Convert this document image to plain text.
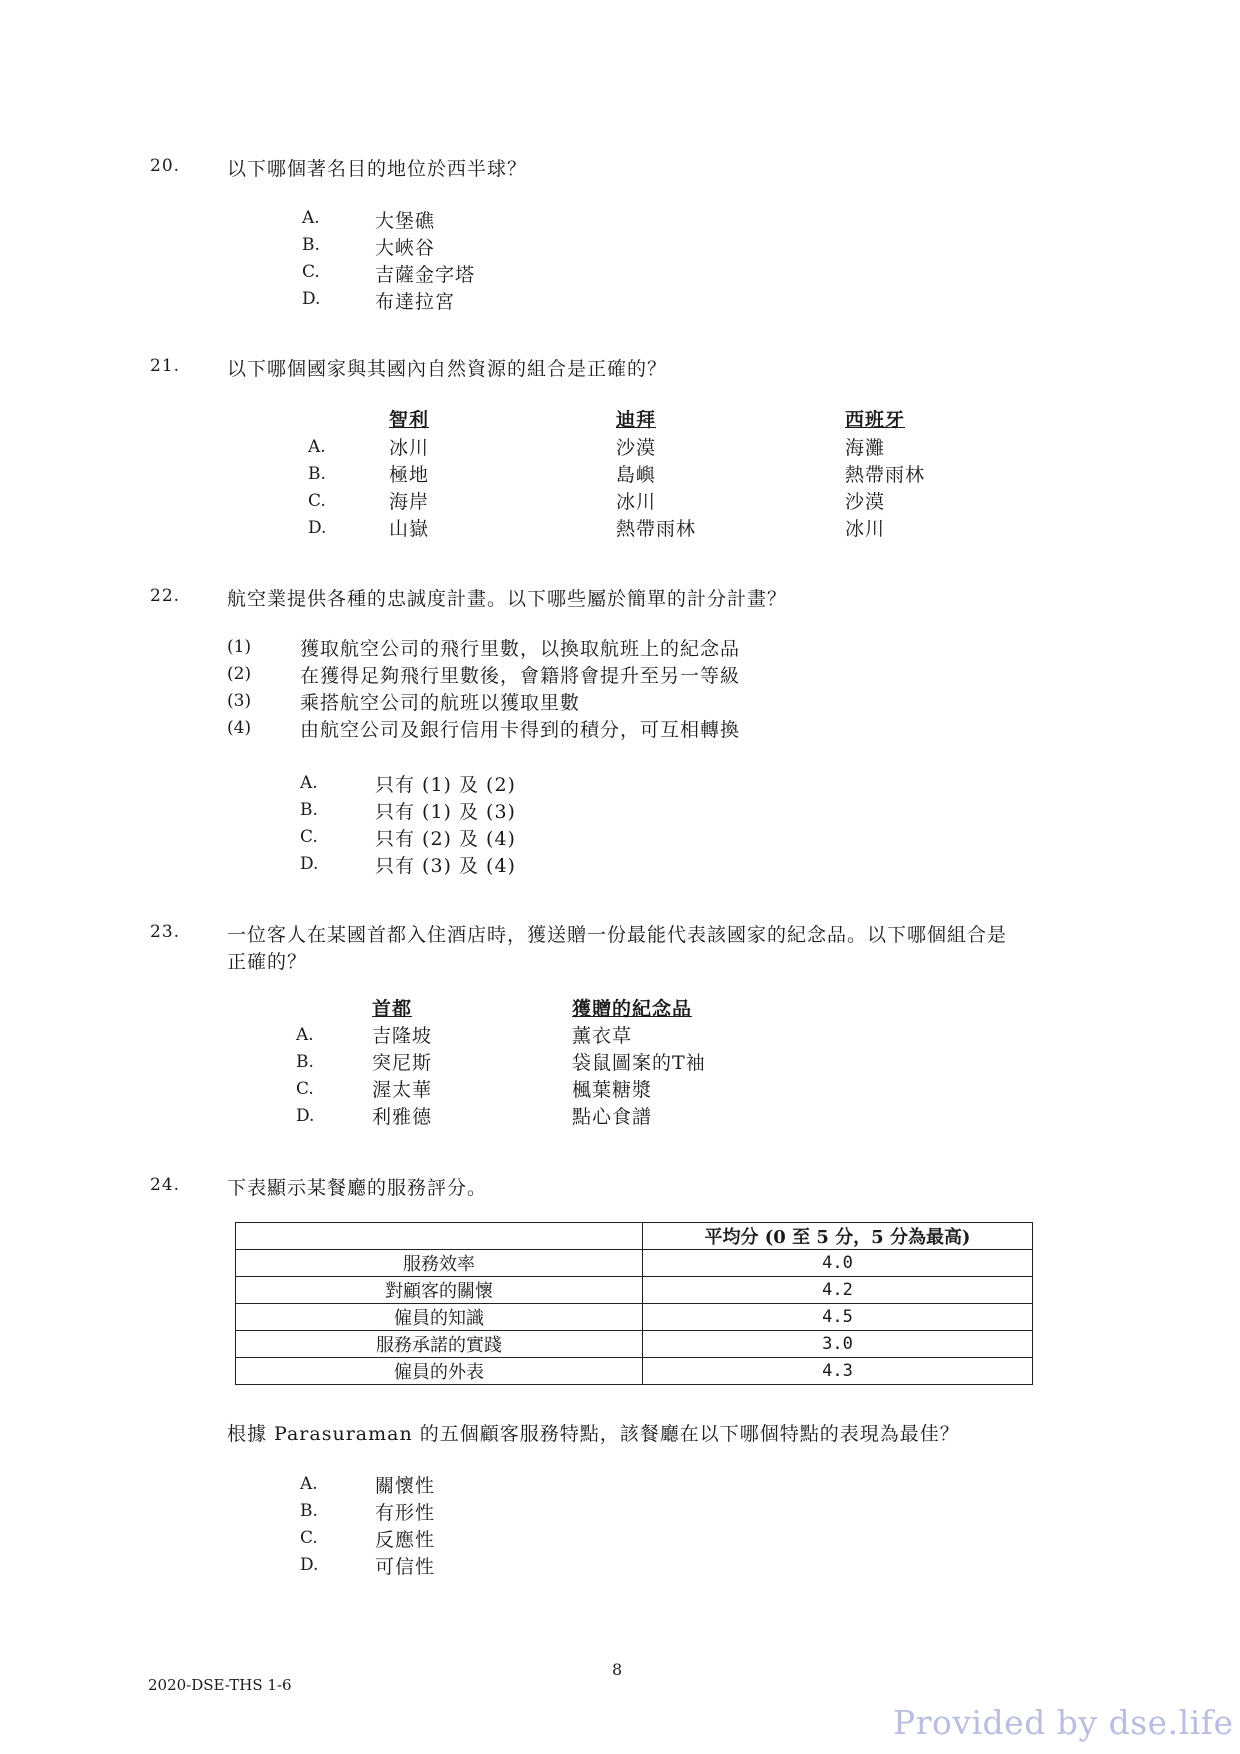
20. 以下哪個著名目的地位於西半球？
A.	大堡礁
B.	大峽谷
C.	吉薩金字塔
D.	布達拉宮
21. 以下哪個國家與其國內自然資源的組合是正確的？
智利	迪拜	西班牙
A.	冰川	沙漠	海灘
B.	極地	島嶼	熱帶雨林
C.	海岸	冰川	沙漠
D.	山嶽	熱帶雨林	冰川
22. 航空業提供各種的忠誠度計畫。以下哪些屬於簡單的計分計畫？
(1)	獲取航空公司的飛行里數，以換取航班上的紀念品
(2)	在獲得足夠飛行里數後，會籍將會提升至另一等級
(3)	乘搭航空公司的航班以獲取里數
(4)	由航空公司及銀行信用卡得到的積分，可互相轉換
A.	只有 (1) 及 (2)
B.	只有 (1) 及 (3)
C.	只有 (2) 及 (4)
D.	只有 (3) 及 (4)
23. 一位客人在某國首都入住酒店時，獲送贈一份最能代表該國家的紀念品。以下哪個組合是
正確的？
首都	獲贈的紀念品
A.	吉隆坡	薰衣草
B.	突尼斯	袋鼠圖案的T袖
C.	渥太華	楓葉糖漿
D.	利雅德	點心食譜
24. 下表顯示某餐廳的服務評分。
	平均分 (0 至 5 分，5 分為最高)
服務效率	4.0
對顧客的關懷	4.2
僱員的知識	4.5
服務承諾的實踐	3.0
僱員的外表	4.3
根據 Parasuraman 的五個顧客服務特點，該餐廳在以下哪個特點的表現為最佳？
A.	關懷性
B.	有形性
C.	反應性
D.	可信性
8
2020-DSE-THS 1-6
Provided by dse.life
